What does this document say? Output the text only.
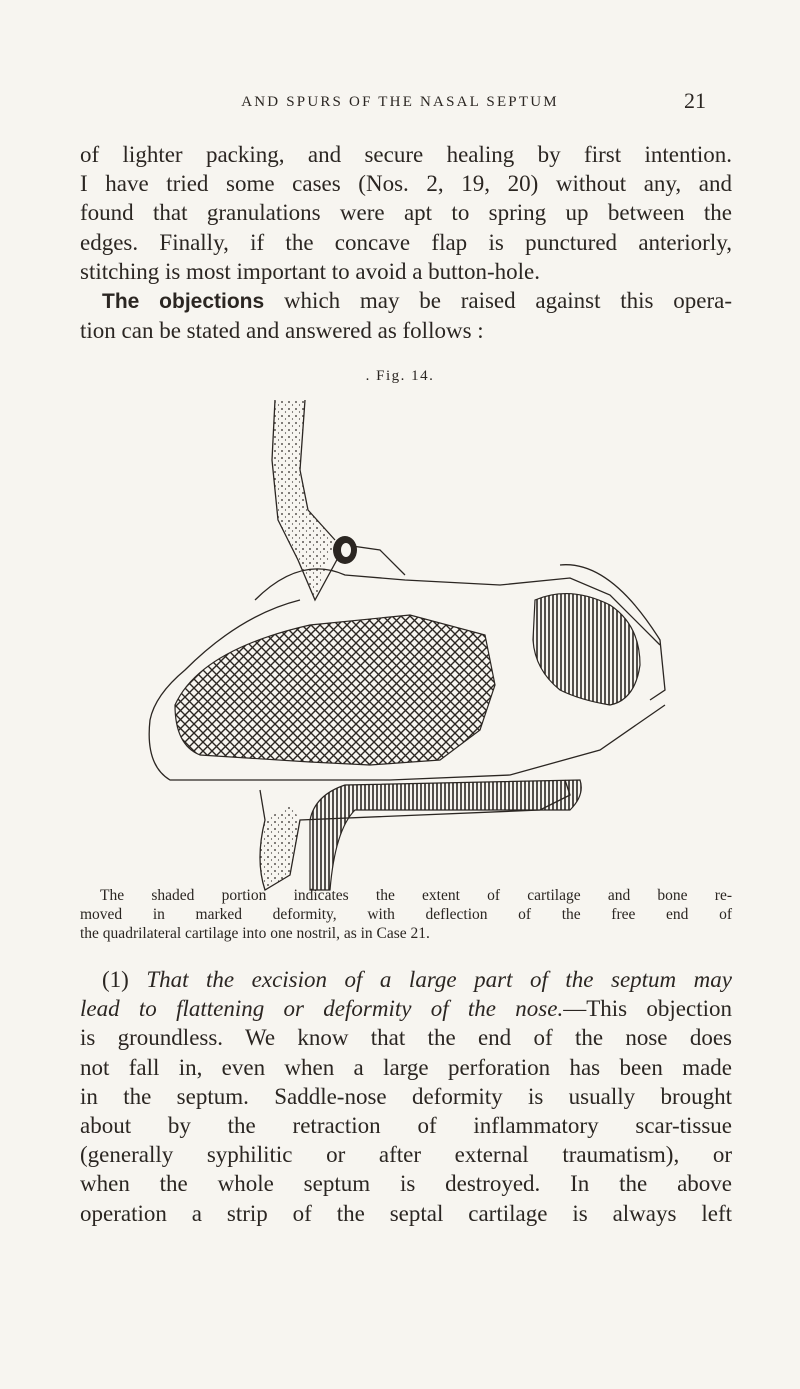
AND SPURS OF THE NASAL SEPTUM	21
of lighter packing, and secure healing by first intention.
I have tried some cases (Nos. 2, 19, 20) without any, and
found that granulations were apt to spring up between the
edges. Finally, if the concave flap is punctured anteriorly,
stitching is most important to avoid a button-hole.
The objections which may be raised against this opera-
tion can be stated and answered as follows :
. Fig. 14.
The shaded portion indicates the extent of cartilage and bone re-
moved in marked deformity, with deflection of the free end of
the quadrilateral cartilage into one nostril, as in Case 21.
(1) That the excision of a large part of the septum may
lead to flattening or deformity of the nose.—This objection
is groundless. We know that the end of the nose does
not fall in, even when a large perforation has been made
in the septum. Saddle-nose deformity is usually brought
about by the retraction of inflammatory scar-tissue
(generally syphilitic or after external traumatism), or
when the whole septum is destroyed. In the above
operation a strip of the septal cartilage is always left
